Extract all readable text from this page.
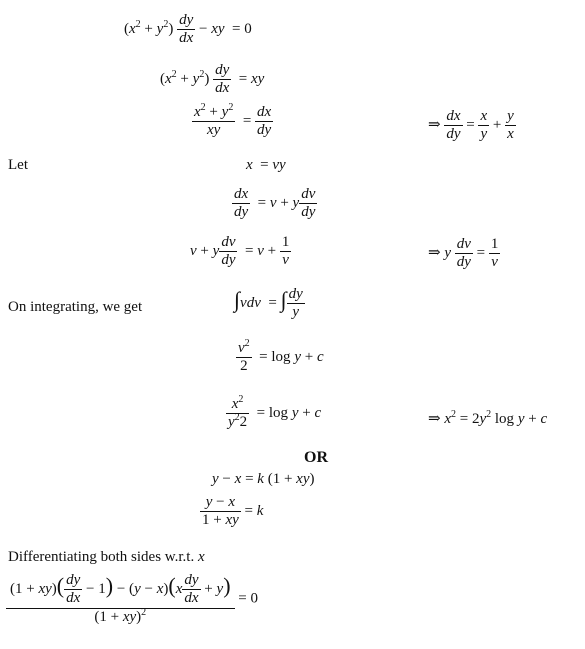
$(x^2 + y^2) \frac{dy}{dx}$ − xy  = 0
$(x^2 + y^2) \frac{dy}{dx}$ = xy
$\frac{x^2 + y^2}{xy} = \frac{dx}{dy}$	⇒ $\frac{dx}{dy} = \frac{x}{y} + \frac{y}{x}$
Let	x  = vy
$\frac{dx}{dy} = v + y \frac{dv}{dy}$
v + y $\frac{dv}{dy} = v + \frac{1}{v}$	⇒ y $\frac{dv}{dy} = \frac{1}{v}$
On integrating, we get	∫vdv  = ∫ $\frac{dy}{y}$
$\frac{v^2}{2} = \log y + c$
$\frac{x^2}{y^22} = \log y + c$	⇒ $x^2 = 2y^2$ log y + c
OR
y − x = k (1 + xy)
$\frac{y - x}{1 + xy} = k$
Differentiating both sides w.r.t. x
$\frac{(1 + xy)( \frac{dy}{dx} - 1) - (y - x)(x \frac{dy}{dx} + y)}{(1 + xy)^2} = 0$
